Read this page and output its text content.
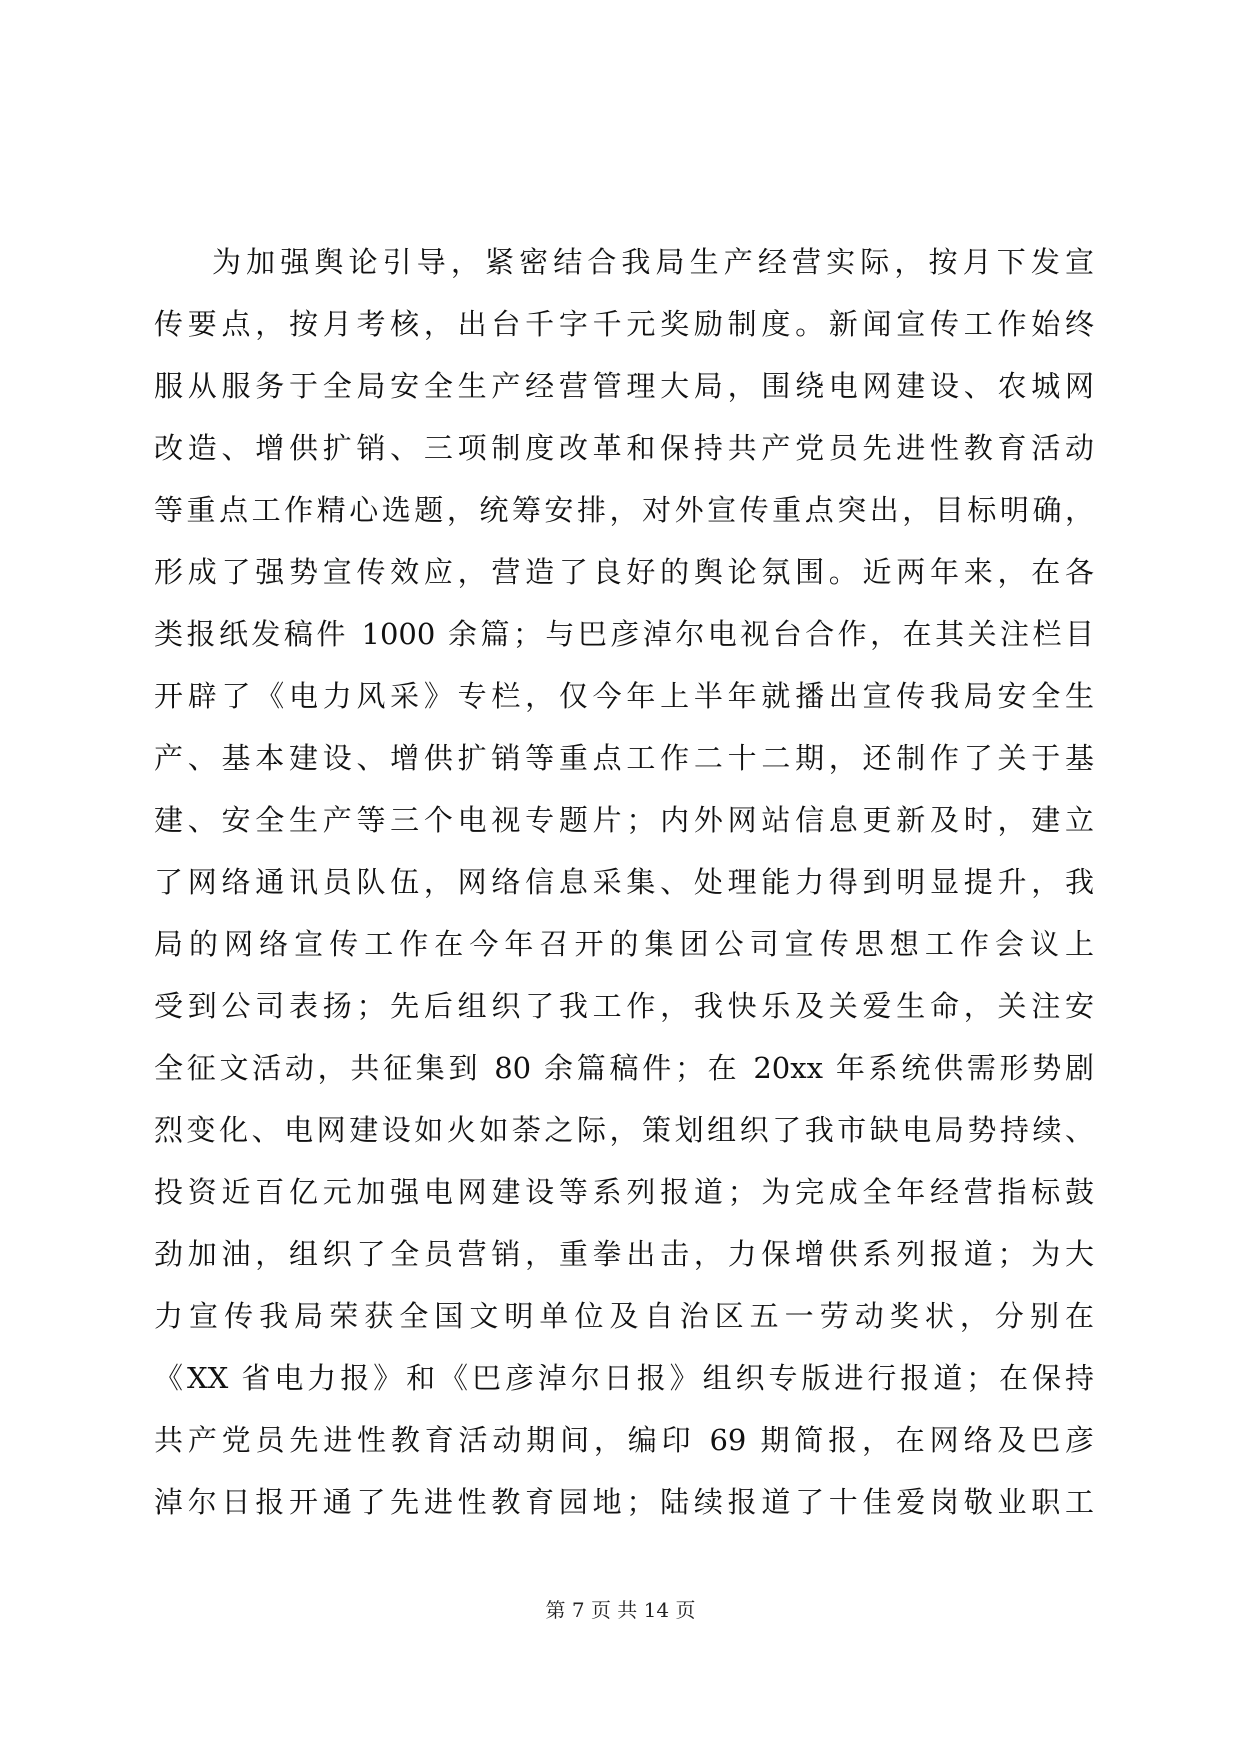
为加强舆论引导，紧密结合我局生产经营实际，按月下发宣
传要点，按月考核，出台千字千元奖励制度。新闻宣传工作始终
服从服务于全局安全生产经营管理大局，围绕电网建设、农城网
改造、增供扩销、三项制度改革和保持共产党员先进性教育活动
等重点工作精心选题，统筹安排，对外宣传重点突出，目标明确，
形成了强势宣传效应，营造了良好的舆论氛围。近两年来，在各
类报纸发稿件 1000 余篇；与巴彦淖尔电视台合作，在其关注栏目
开辟了《电力风采》专栏，仅今年上半年就播出宣传我局安全生
产、基本建设、增供扩销等重点工作二十二期，还制作了关于基
建、安全生产等三个电视专题片；内外网站信息更新及时，建立
了网络通讯员队伍，网络信息采集、处理能力得到明显提升，我
局的网络宣传工作在今年召开的集团公司宣传思想工作会议上
受到公司表扬；先后组织了我工作，我快乐及关爱生命，关注安
全征文活动，共征集到 80 余篇稿件；在 20xx 年系统供需形势剧
烈变化、电网建设如火如荼之际，策划组织了我市缺电局势持续、
投资近百亿元加强电网建设等系列报道；为完成全年经营指标鼓
劲加油，组织了全员营销，重拳出击，力保增供系列报道；为大
力宣传我局荣获全国文明单位及自治区五一劳动奖状，分别在
《XX 省电力报》和《巴彦淖尔日报》组织专版进行报道；在保持
共产党员先进性教育活动期间，编印 69 期简报，在网络及巴彦
淖尔日报开通了先进性教育园地；陆续报道了十佳爱岗敬业职工
第 7 页 共 14 页
